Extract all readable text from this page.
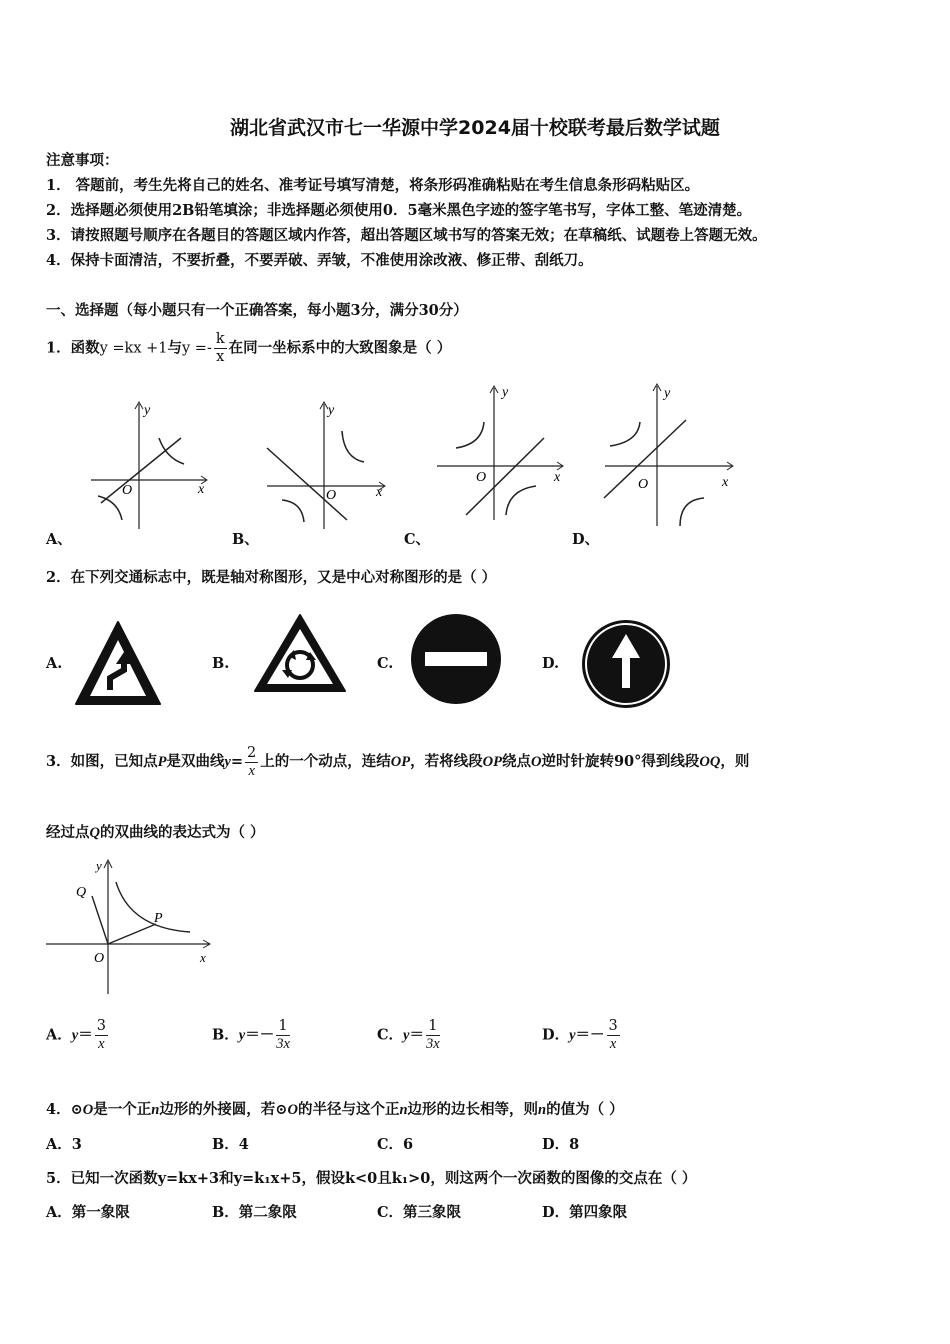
湖北省武汉市七一华源中学2024届十校联考最后数学试题
注意事项：
1． 答题前，考生先将自己的姓名、准考证号填写清楚，将条形码准确粘贴在考生信息条形码粘贴区。
2．选择题必须使用2B铅笔填涂；非选择题必须使用0．5毫米黑色字迹的签字笔书写，字体工整、笔迹清楚。
3．请按照题号顺序在各题目的答题区域内作答，超出答题区域书写的答案无效；在草稿纸、试题卷上答题无效。
4．保持卡面清洁，不要折叠，不要弄破、弄皱，不准使用涂改液、修正带、刮纸刀。
一、选择题（每小题只有一个正确答案，每小题3分，满分30分）
1．函数y =kx +1与$y =- \frac{k}{x}$ 在同一坐标系中的大致图象是（ ）
y
x
O
y
x
O
y
x
O
y
x
O
A、	B、	C、	D、
2．在下列交通标志中，既是轴对称图形，又是中心对称图形的是（ ）
A.	B.	C.	D.
3．如图，已知点P是双曲线$y= \frac{2}{x}$ 上的一个动点，连结OP，若将线段OP绕点O逆时针旋转90°得到线段OQ，则
经过点Q的双曲线的表达式为（ ）
y
x
O
P
Q
A．$y= \frac{3}{x}$	B．$y=- \frac{1}{3x}$	C．$y= \frac{1}{3x}$	D．$y=- \frac{3}{x}$
4．⊙O是一个正n边形的外接圆，若⊙O的半径与这个正n边形的边长相等，则n的值为（ ）
A．3	B．4	C．6	D．8
5．已知一次函数y=kx+3和y=k₁x+5，假设k<0且k₁>0，则这两个一次函数的图像的交点在（ ）
A．第一象限	B．第二象限	C．第三象限	D．第四象限
